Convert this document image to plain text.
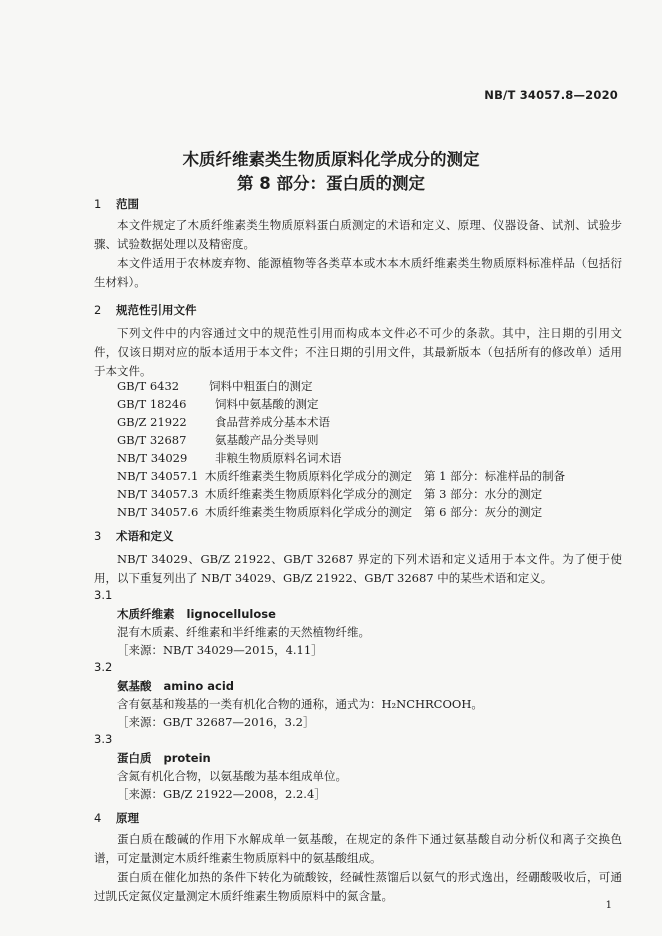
NB/T 34057.8—2020
木质纤维素类生物质原料化学成分的测定
第 8 部分：蛋白质的测定
1 范围
本文件规定了木质纤维素类生物质原料蛋白质测定的术语和定义、原理、仪器设备、试剂、试验步骤、试验数据处理以及精密度。
本文件适用于农林废弃物、能源植物等各类草本或木本木质纤维素类生物质原料标准样品（包括衍生材料）。
2 规范性引用文件
下列文件中的内容通过文中的规范性引用而构成本文件必不可少的条款。其中，注日期的引用文件，仅该日期对应的版本适用于本文件；不注日期的引用文件，其最新版本（包括所有的修改单）适用于本文件。
GB/T 6432	饲料中粗蛋白的测定
GB/T 18246 饲料中氨基酸的测定
GB/Z 21922 食品营养成分基本术语
GB/T 32687 氨基酸产品分类导则
NB/T 34029 非粮生物质原料名词术语
NB/T 34057.1 木质纤维素类生物质原料化学成分的测定 第 1 部分：标准样品的制备
NB/T 34057.3 木质纤维素类生物质原料化学成分的测定 第 3 部分：水分的测定
NB/T 34057.6 木质纤维素类生物质原料化学成分的测定 第 6 部分：灰分的测定
3 术语和定义
NB/T 34029、GB/Z 21922、GB/T 32687 界定的下列术语和定义适用于本文件。为了便于使用，以下重复列出了 NB/T 34029、GB/Z 21922、GB/T 32687 中的某些术语和定义。
3.1
木质纤维素 lignocellulose
混有木质素、纤维素和半纤维素的天然植物纤维。
［来源：NB/T 34029—2015，4.11］
3.2
氨基酸 amino acid
含有氨基和羧基的一类有机化合物的通称，通式为：H₂NCHRCOOH。
［来源：GB/T 32687—2016，3.2］
3.3
蛋白质 protein
含氮有机化合物，以氨基酸为基本组成单位。
［来源：GB/Z 21922—2008，2.2.4］
4 原理
蛋白质在酸碱的作用下水解成单一氨基酸，在规定的条件下通过氨基酸自动分析仪和离子交换色谱，可定量测定木质纤维素生物质原料中的氨基酸组成。
蛋白质在催化加热的条件下转化为硫酸铵，经碱性蒸馏后以氨气的形式逸出，经硼酸吸收后，可通过凯氏定氮仪定量测定木质纤维素生物质原料中的氮含量。
1
